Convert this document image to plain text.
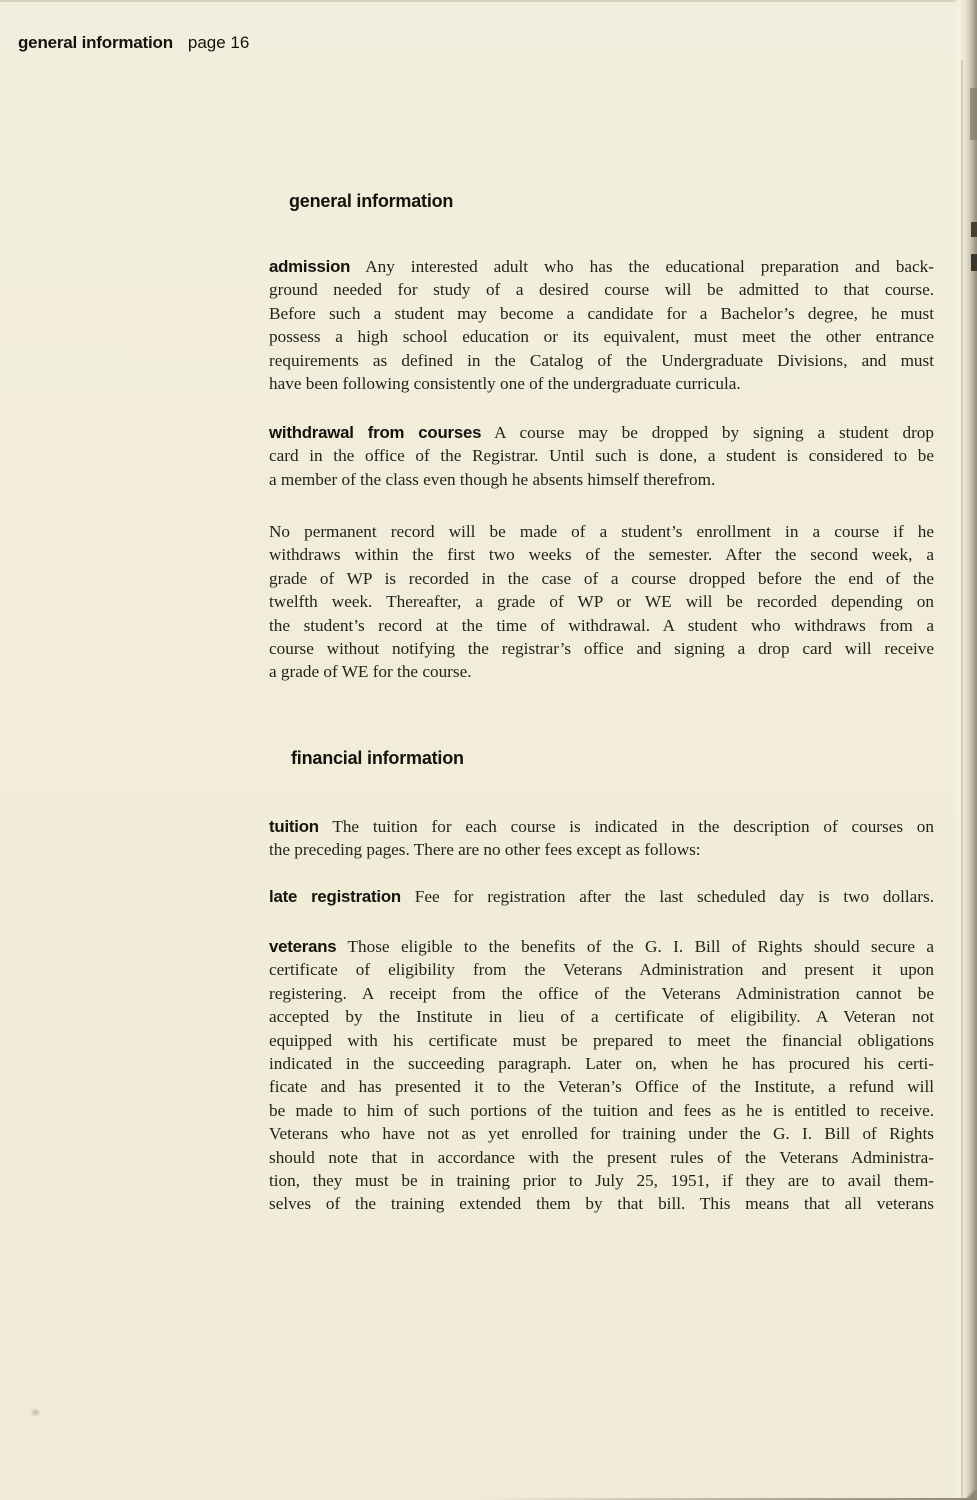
general information page 16
general information
admission Any interested adult who has the educational preparation and back-
ground needed for study of a desired course will be admitted to that course.
Before such a student may become a candidate for a Bachelor’s degree, he must
possess a high school education or its equivalent, must meet the other entrance
requirements as defined in the Catalog of the Undergraduate Divisions, and must
have been following consistently one of the undergraduate curricula.
withdrawal from courses A course may be dropped by signing a student drop
card in the office of the Registrar. Until such is done, a student is considered to be
a member of the class even though he absents himself therefrom.
No permanent record will be made of a student’s enrollment in a course if he
withdraws within the first two weeks of the semester. After the second week, a
grade of WP is recorded in the case of a course dropped before the end of the
twelfth week. Thereafter, a grade of WP or WE will be recorded depending on
the student’s record at the time of withdrawal. A student who withdraws from a
course without notifying the registrar’s office and signing a drop card will receive
a grade of WE for the course.
financial information
tuition The tuition for each course is indicated in the description of courses on
the preceding pages. There are no other fees except as follows:
late registration Fee for registration after the last scheduled day is two dollars.
veterans Those eligible to the benefits of the G. I. Bill of Rights should secure a
certificate of eligibility from the Veterans Administration and present it upon
registering. A receipt from the office of the Veterans Administration cannot be
accepted by the Institute in lieu of a certificate of eligibility. A Veteran not
equipped with his certificate must be prepared to meet the financial obligations
indicated in the succeeding paragraph. Later on, when he has procured his certi-
ficate and has presented it to the Veteran’s Office of the Institute, a refund will
be made to him of such portions of the tuition and fees as he is entitled to receive.
Veterans who have not as yet enrolled for training under the G. I. Bill of Rights
should note that in accordance with the present rules of the Veterans Administra-
tion, they must be in training prior to July 25, 1951, if they are to avail them-
selves of the training extended them by that bill. This means that all veterans
